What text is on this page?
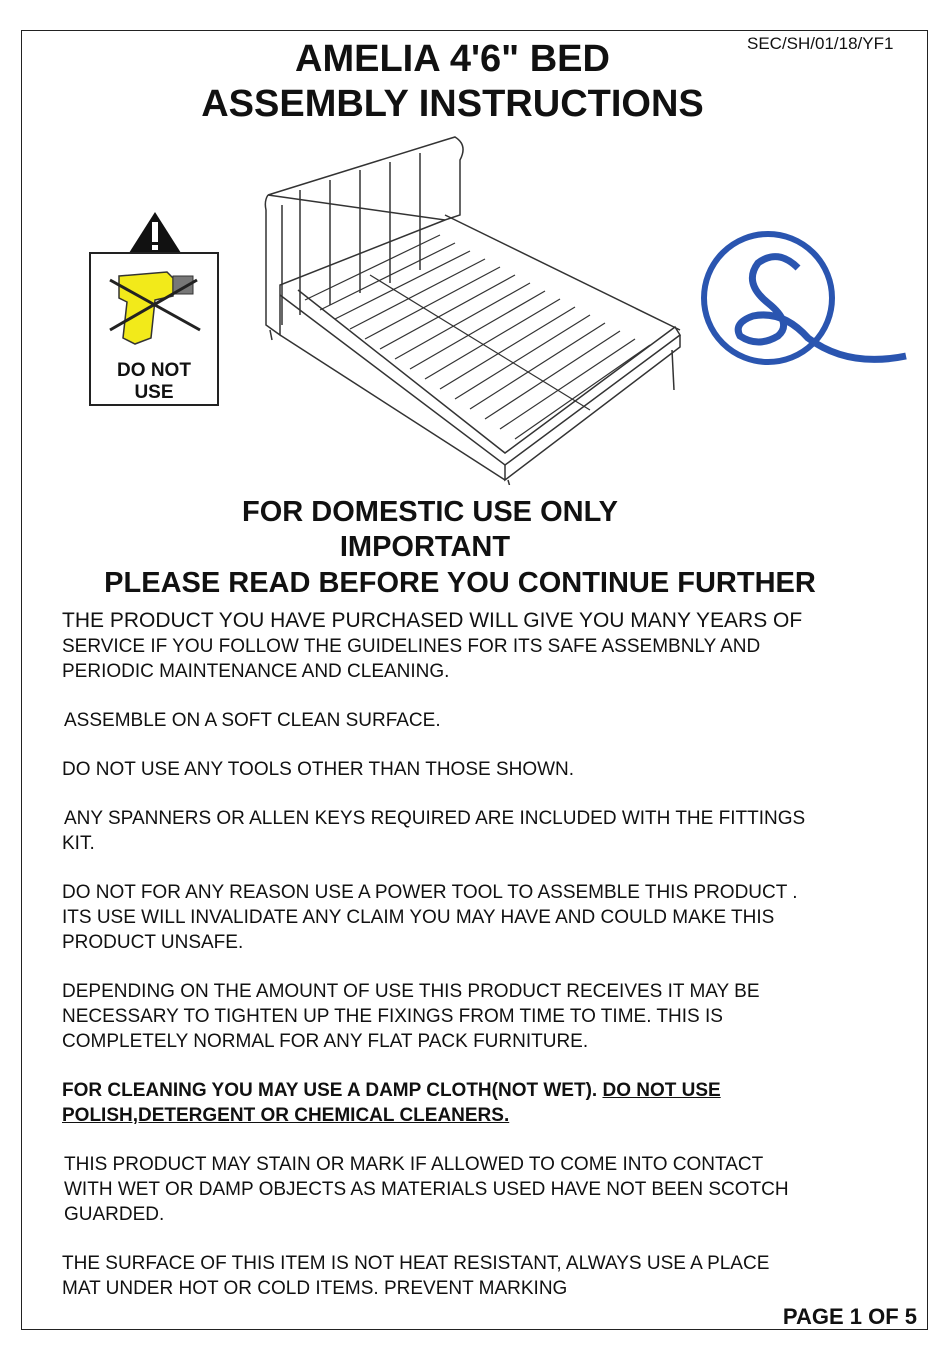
SEC/SH/01/18/YF1
AMELIA 4'6" BED
ASSEMBLY INSTRUCTIONS
DO NOT
USE
FOR DOMESTIC USE ONLY
IMPORTANT
PLEASE READ BEFORE YOU CONTINUE FURTHER
THE PRODUCT YOU HAVE PURCHASED WILL GIVE YOU MANY YEARS OF
SERVICE IF YOU FOLLOW THE GUIDELINES FOR ITS SAFE ASSEMBNLY AND
PERIODIC MAINTENANCE AND CLEANING.
ASSEMBLE ON A SOFT CLEAN SURFACE.
DO NOT USE ANY TOOLS OTHER THAN THOSE SHOWN.
ANY SPANNERS OR ALLEN KEYS REQUIRED ARE INCLUDED WITH THE FITTINGS
KIT.
DO NOT FOR ANY REASON USE A POWER TOOL TO ASSEMBLE THIS PRODUCT .
ITS USE WILL INVALIDATE ANY CLAIM YOU MAY HAVE AND COULD MAKE THIS
PRODUCT UNSAFE.
DEPENDING ON THE AMOUNT OF USE THIS PRODUCT RECEIVES IT MAY BE
NECESSARY TO TIGHTEN UP THE FIXINGS FROM TIME TO TIME. THIS IS
COMPLETELY NORMAL FOR ANY FLAT PACK FURNITURE.
FOR CLEANING YOU MAY USE A DAMP CLOTH(NOT WET). DO NOT USE
POLISH,DETERGENT OR CHEMICAL CLEANERS.
THIS PRODUCT MAY STAIN OR MARK IF ALLOWED TO COME INTO CONTACT
WITH WET OR DAMP OBJECTS AS MATERIALS USED HAVE NOT BEEN SCOTCH
GUARDED.
THE SURFACE OF THIS ITEM IS NOT HEAT RESISTANT, ALWAYS USE A PLACE
MAT UNDER HOT OR COLD ITEMS. PREVENT MARKING
PAGE 1 OF 5
